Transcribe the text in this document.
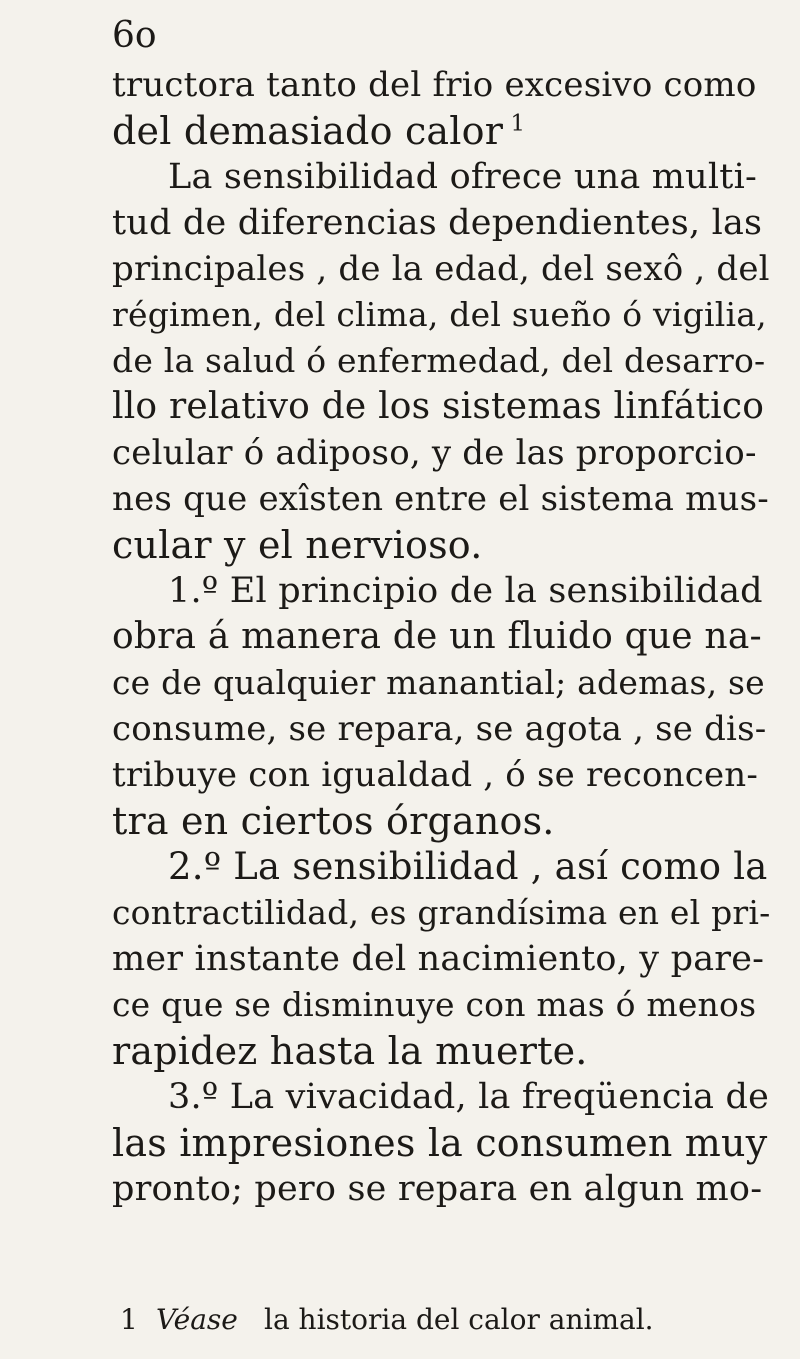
6o
tructora tanto del frio excesivo como
del demasiado calor $^1$
La sensibilidad ofrece una multi-
tud de diferencias dependientes, las
principales , de la edad, del sexô , del
régimen, del clima, del sueño ó vigilia,
de la salud ó enfermedad, del desarro-
llo relativo de los sistemas linfático
celular ó adiposo, y de las proporcio-
nes que exîsten entre el sistema mus-
cular y el nervioso.
1.º El principio de la sensibilidad
obra á manera de un fluido que na-
ce de qualquier manantial; ademas, se
consume, se repara, se agota , se dis-
tribuye con igualdad , ó se reconcen-
tra en ciertos órganos.
2.º La sensibilidad , así como la
contractilidad, es grandísima en el pri-
mer instante del nacimiento, y pare-
ce que se disminuye con mas ó menos
rapidez hasta la muerte.
3.º La vivacidad, la freqüencia de
las impresiones la consumen muy
pronto; pero se repara en algun mo-
1 Véase la historia del calor animal.
